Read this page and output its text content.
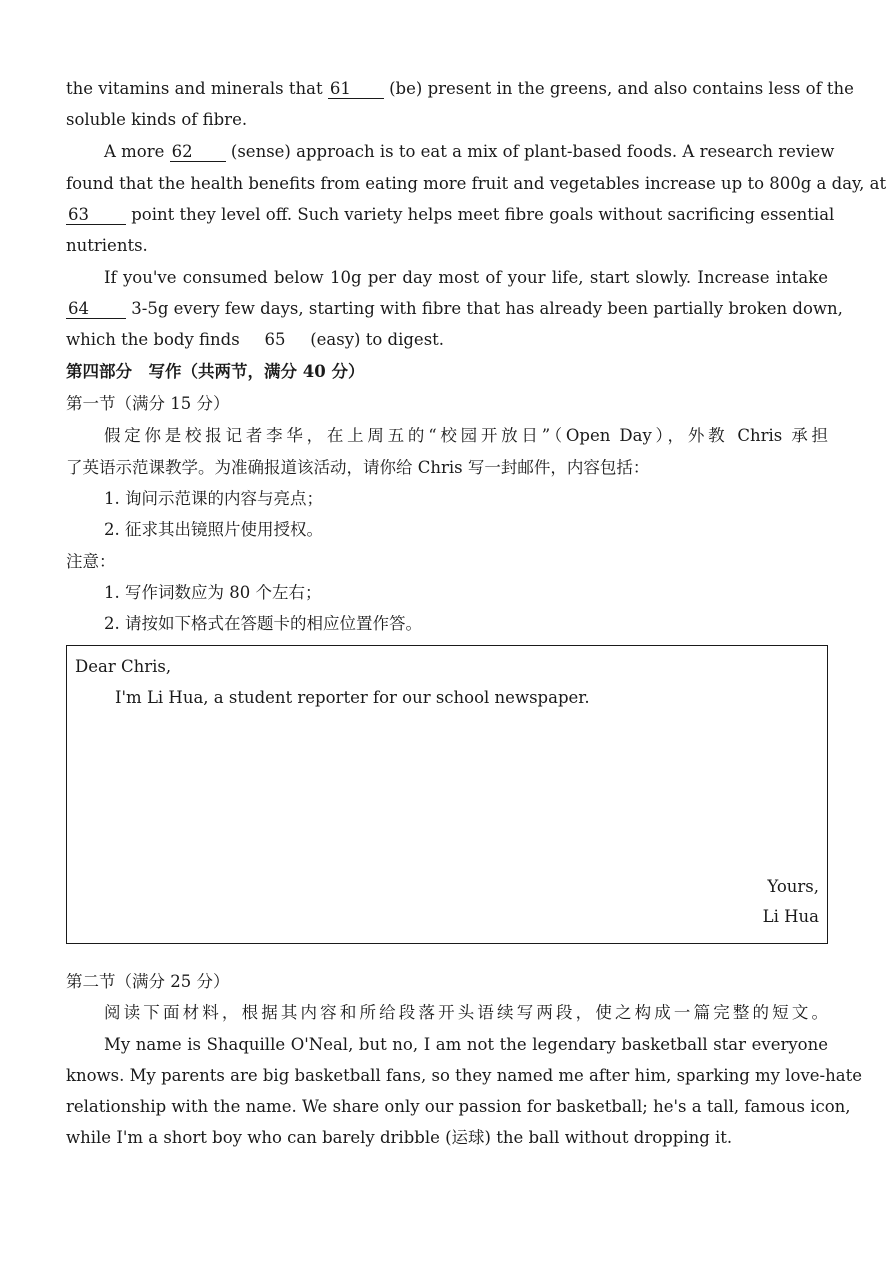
the vitamins and minerals that 61 (be) present in the greens, and also contains less of the
soluble kinds of fibre.
A more 62 (sense) approach is to eat a mix of plant-based foods. A research review
found that the health benefits from eating more fruit and vegetables increase up to 800g a day, at
63	point they level off. Such variety helps meet fibre goals without sacrificing essential
nutrients.
If you've consumed below 10g per day most of your life, start slowly. Increase intake
64	3-5g every few days, starting with fibre that has already been partially broken down,
which the body finds 65 (easy) to digest.
第四部分　写作（共两节，满分 40 分）
第一节（满分 15 分）
假定你是校报记者李华，在上周五的“校园开放日”（Open Day），外教 Chris 承担
了英语示范课教学。为准确报道该活动，请你给 Chris 写一封邮件，内容包括：
1. 询问示范课的内容与亮点；
2. 征求其出镜照片使用授权。
注意：
1. 写作词数应为 80 个左右；
2. 请按如下格式在答题卡的相应位置作答。
Dear Chris,
I'm Li Hua, a student reporter for our school newspaper.
Yours,
Li Hua
第二节（满分 25 分）
阅读下面材料，根据其内容和所给段落开头语续写两段，使之构成一篇完整的短文。
My name is Shaquille O'Neal, but no, I am not the legendary basketball star everyone
knows. My parents are big basketball fans, so they named me after him, sparking my love-hate
relationship with the name. We share only our passion for basketball; he's a tall, famous icon,
while I'm a short boy who can barely dribble (运球) the ball without dropping it.
